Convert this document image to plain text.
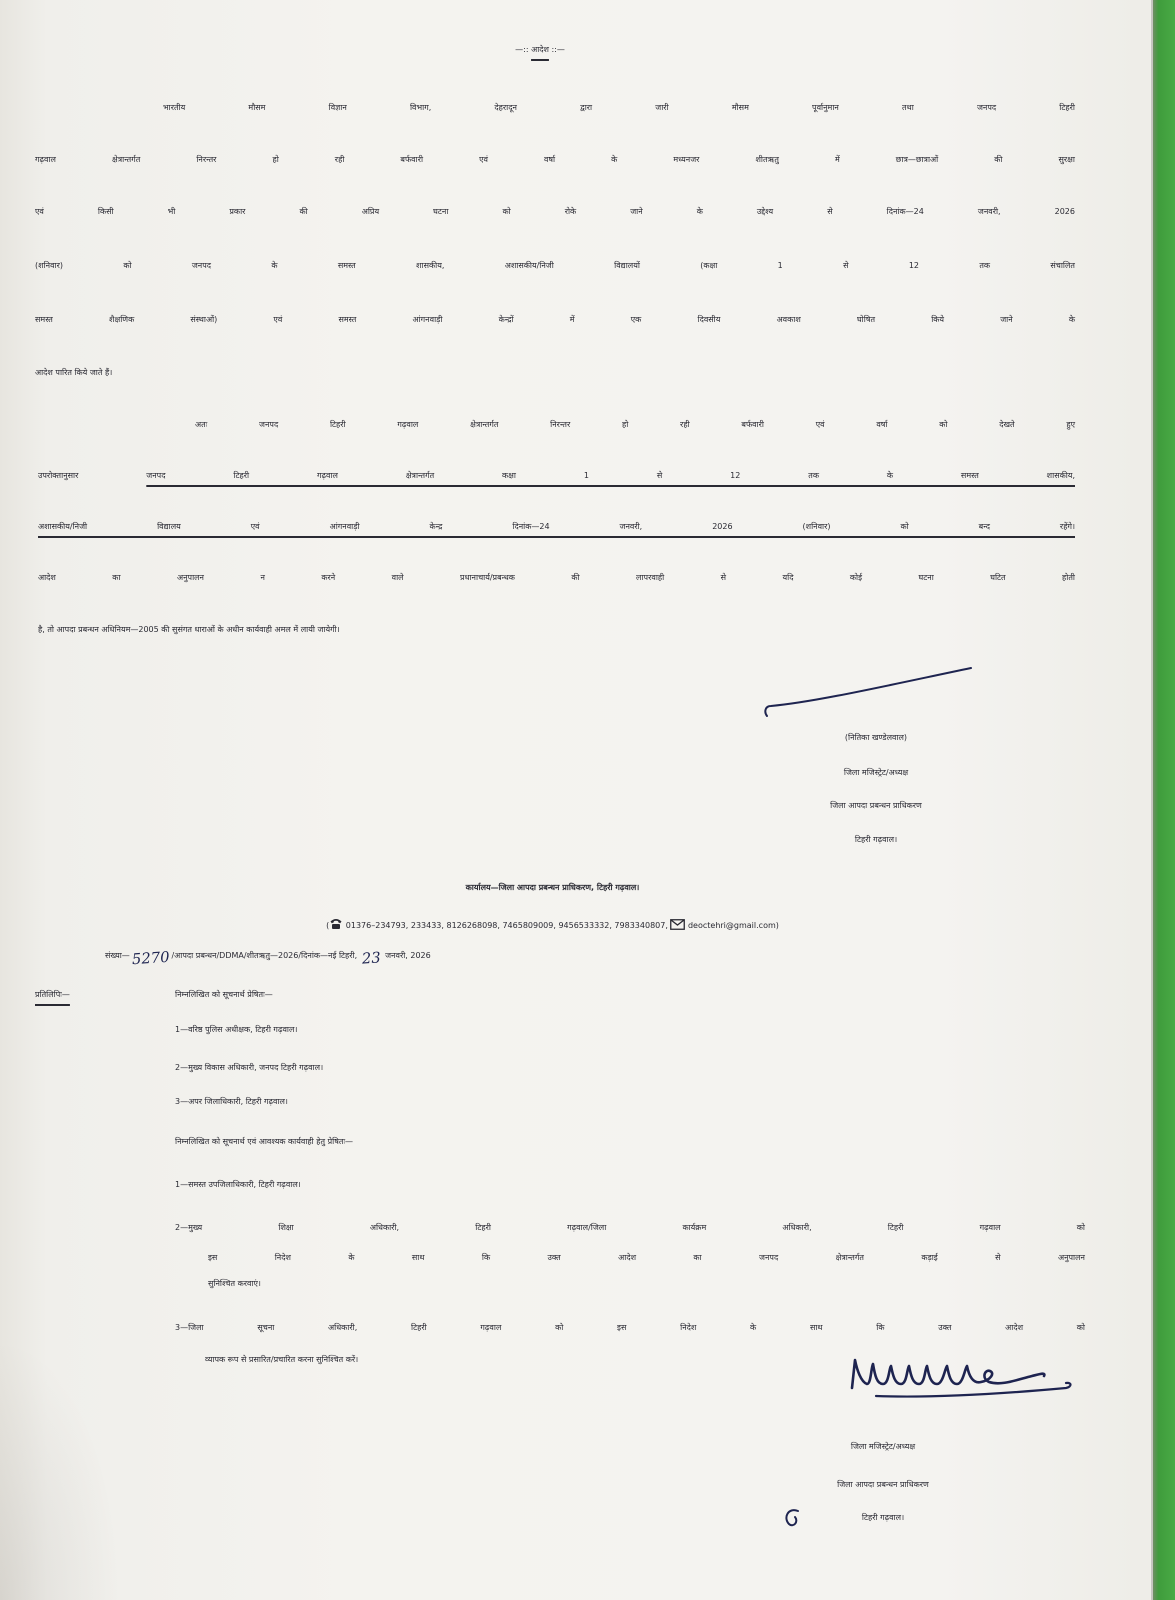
—:: आदेश ::—
भारतीय मौसम विज्ञान विभाग, देहरादून द्वारा जारी मौसम पूर्वानुमान तथा जनपद टिहरी
गढ़वाल क्षेत्रान्तर्गत निरन्तर हो रही बर्फवारी एवं वर्षा के मध्यनजर शीतऋतु में छात्र—छात्राओं की सुरक्षा
एवं किसी भी प्रकार की अप्रिय घटना को रोके जाने के उद्देश्य से दिनांक—24 जनवरी, 2026
(शनिवार) को जनपद के समस्त शासकीय, अशासकीय/निजी विद्यालयों (कक्षा 1 से 12 तक संचालित
समस्त शैक्षणिक संस्थाओं) एवं समस्त आंगनवाड़ी केन्द्रों में एक दिवसीय अवकाश घोषित किये जाने के
आदेश पारित किये जाते हैं।
अतः जनपद टिहरी गढ़वाल क्षेत्रान्तर्गत निरन्तर हो रही बर्फवारी एवं वर्षा को देखते हुए
उपरोक्तानुसार	जनपद टिहरी गढ़वाल क्षेत्रान्तर्गत कक्षा 1 से 12 तक के समस्त शासकीय,
अशासकीय/निजी विद्यालय एवं आंगनवाड़ी केन्द्र दिनांक—24 जनवरी, 2026 (शनिवार) को बन्द रहेंगे।
आदेश का अनुपालन न करने वाले प्रधानाचार्य/प्रबन्धक की लापरवाही से यदि कोई घटना घटित होती
है, तो आपदा प्रबन्धन अधिनियम—2005 की सुसंगत धाराओं के अधीन कार्यवाही अमल में लायी जायेगी।
(नितिका खण्डेलवाल)
जिला मजिस्ट्रेट/अध्यक्ष
जिला आपदा प्रबन्धन प्राधिकरण
टिहरी गढ़वाल।
कार्यालय—जिला आपदा प्रबन्धन प्राधिकरण, टिहरी गढ़वाल।
( 01376–234793, 233433, 8126268098, 7465809009, 9456533332, 7983340807,	deoctehri@gmail.com)
संख्या—5270 /आपदा प्रबन्धन/DDMA/शीतऋतु—2026/दिनांक—नई टिहरी, 23 जनवरी, 2026
प्रतिलिपिः—	निम्नलिखित को सूचनार्थ प्रेषितः—
1—वरिष्ठ पुलिस अधीक्षक, टिहरी गढ़वाल।
2—मुख्य विकास अधिकारी, जनपद टिहरी गढ़वाल।
3—अपर जिलाधिकारी, टिहरी गढ़वाल।
निम्नलिखित को सूचनार्थ एवं आवश्यक कार्यवाही हेतु प्रेषितः—
1—समस्त उपजिलाधिकारी, टिहरी गढ़वाल।
2—मुख्य शिक्षा अधिकारी, टिहरी गढ़वाल/जिला कार्यक्रम अधिकारी, टिहरी गढ़वाल को
इस निदेश के साथ कि उक्त आदेश का जनपद क्षेत्रान्तर्गत कड़ाई से अनुपालन
सुनिश्चित करवाएं।
3—जिला सूचना अधिकारी, टिहरी गढ़वाल को इस निदेश के साथ कि उक्त आदेश को
व्यापक रूप से प्रसारित/प्रचारित करना सुनिश्चित करें।
जिला मजिस्ट्रेट/अध्यक्ष
जिला आपदा प्रबन्धन प्राधिकरण
टिहरी गढ़वाल।
